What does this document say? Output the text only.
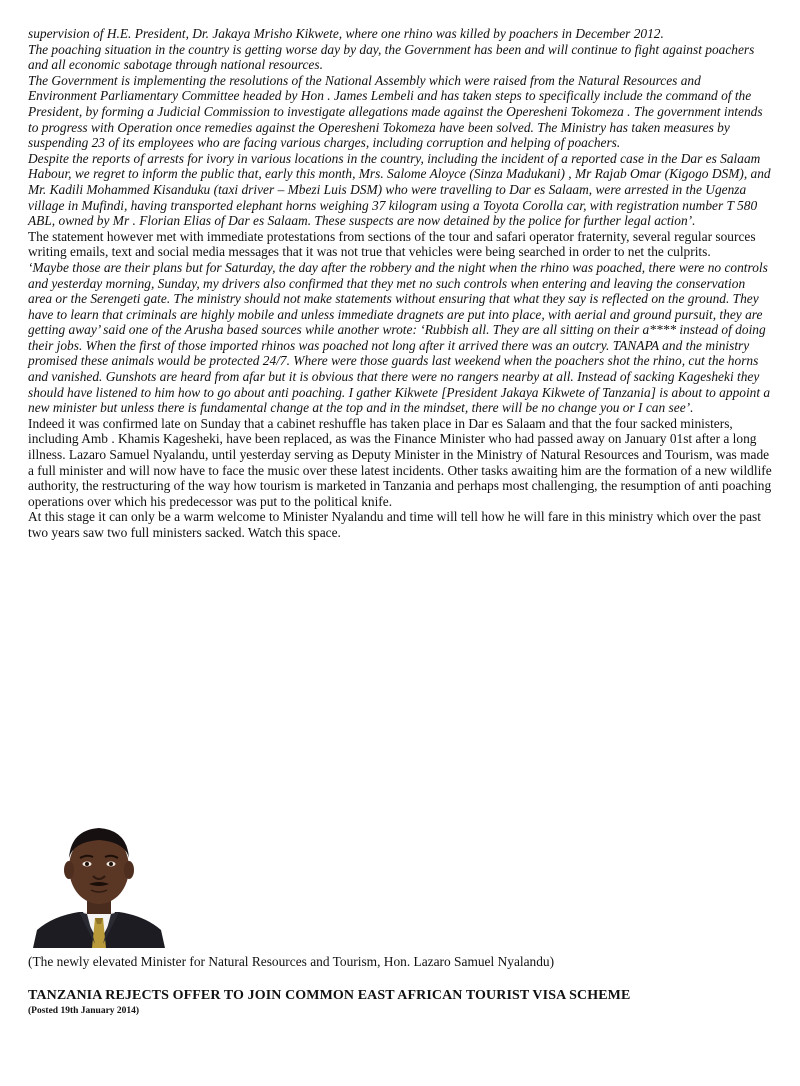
supervision of H.E. President, Dr. Jakaya Mrisho Kikwete, where one rhino was killed by poachers in December 2012.

The poaching situation in the country is getting worse day by day, the Government has been and will continue to fight against poachers and all economic sabotage through national resources.

The Government is implementing the resolutions of the National Assembly which were raised from the Natural Resources and Environment Parliamentary Committee headed by Hon . James Lembeli and has taken steps to specifically include the command of the President, by forming a Judicial Commission to investigate allegations made against the Operesheni Tokomeza . The government intends to progress with Operation once remedies against the Operesheni Tokomeza have been solved. The Ministry has taken measures by suspending 23 of its employees who are facing various charges, including corruption and helping of poachers.

Despite the reports of arrests for ivory in various locations in the country, including the incident of a reported case in the Dar es Salaam Habour, we regret to inform the public that, early this month, Mrs. Salome Aloyce (Sinza Madukani) , Mr Rajab Omar (Kigogo DSM), and Mr. Kadili Mohammed Kisanduku (taxi driver – Mbezi Luis DSM) who were travelling to Dar es Salaam, were arrested in the Ugenza village in Mufindi, having transported elephant horns weighing 37 kilogram using a Toyota Corolla car, with registration number T 580 ABL, owned by Mr . Florian Elias of Dar es Salaam. These suspects are now detained by the police for further legal action’.

The statement however met with immediate protestations from sections of the tour and safari operator fraternity, several regular sources writing emails, text and social media messages that it was not true that vehicles were being searched in order to net the culprits.

‘Maybe those are their plans but for Saturday, the day after the robbery and the night when the rhino was poached, there were no controls and yesterday morning, Sunday, my drivers also confirmed that they met no such controls when entering and leaving the conservation area or the Serengeti gate. The ministry should not make statements without ensuring that what they say is reflected on the ground. They have to learn that criminals are highly mobile and unless immediate dragnets are put into place, with aerial and ground pursuit, they are getting away’ said one of the Arusha based sources while another wrote: ‘Rubbish all. They are all sitting on their a**** instead of doing their jobs. When the first of those imported rhinos was poached not long after it arrived there was an outcry. TANAPA and the ministry promised these animals would be protected 24/7. Where were those guards last weekend when the poachers shot the rhino, cut the horns and vanished. Gunshots are heard from afar but it is obvious that there were no rangers nearby at all. Instead of sacking Kagesheki they should have listened to him how to go about anti poaching. I gather Kikwete [President Jakaya Kikwete of Tanzania] is about to appoint a new minister but unless there is fundamental change at the top and in the mindset, there will be no change you or I can see’.

Indeed it was confirmed late on Sunday that a cabinet reshuffle has taken place in Dar es Salaam and that the four sacked ministers, including Amb . Khamis Kagesheki, have been replaced, as was the Finance Minister who had passed away on January 01st after a long illness. Lazaro Samuel Nyalandu, until yesterday serving as Deputy Minister in the Ministry of Natural Resources and Tourism, was made a full minister and will now have to face the music over these latest incidents. Other tasks awaiting him are the formation of a new wildlife authority, the restructuring of the way how tourism is marketed in Tanzania and perhaps most challenging, the resumption of anti poaching operations over which his predecessor was put to the political knife.

At this stage it can only be a warm welcome to Minister Nyalandu and time will tell how he will fare in this ministry which over the past two years saw two full ministers sacked. Watch this space.

(The newly elevated Minister for Natural Resources and Tourism, Hon. Lazaro Samuel Nyalandu)
TANZANIA REJECTS OFFER TO JOIN COMMON EAST AFRICAN TOURIST VISA SCHEME
(Posted 19th January 2014)
